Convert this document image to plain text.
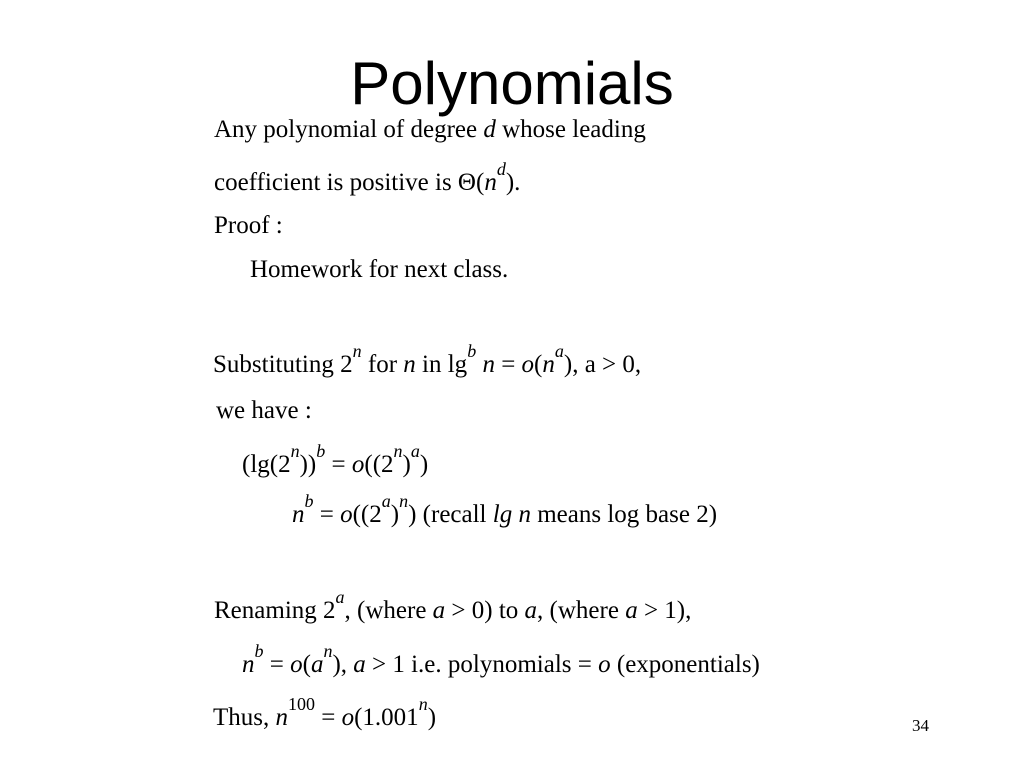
Polynomials
Any polynomial of degree d whose leading
coefficient is positive is $\Theta(n^d)$.
Proof :
Homework for next class.
Substituting 2$^n$ for n in $\lg^b n = o(n^a)$, a > 0,
we have :
$(\lg(2^n))^b = o((2^n)^a)$
$n^b = o((2^a)^n)$ (recall lg n means log base 2)
Renaming 2$^a$, (where a > 0) to a, (where a > 1),
$n^b = o(a^n)$, a > 1 i.e. polynomials = o (exponentials)
Thus, $n^{100} = o(1.001^n)$	34
